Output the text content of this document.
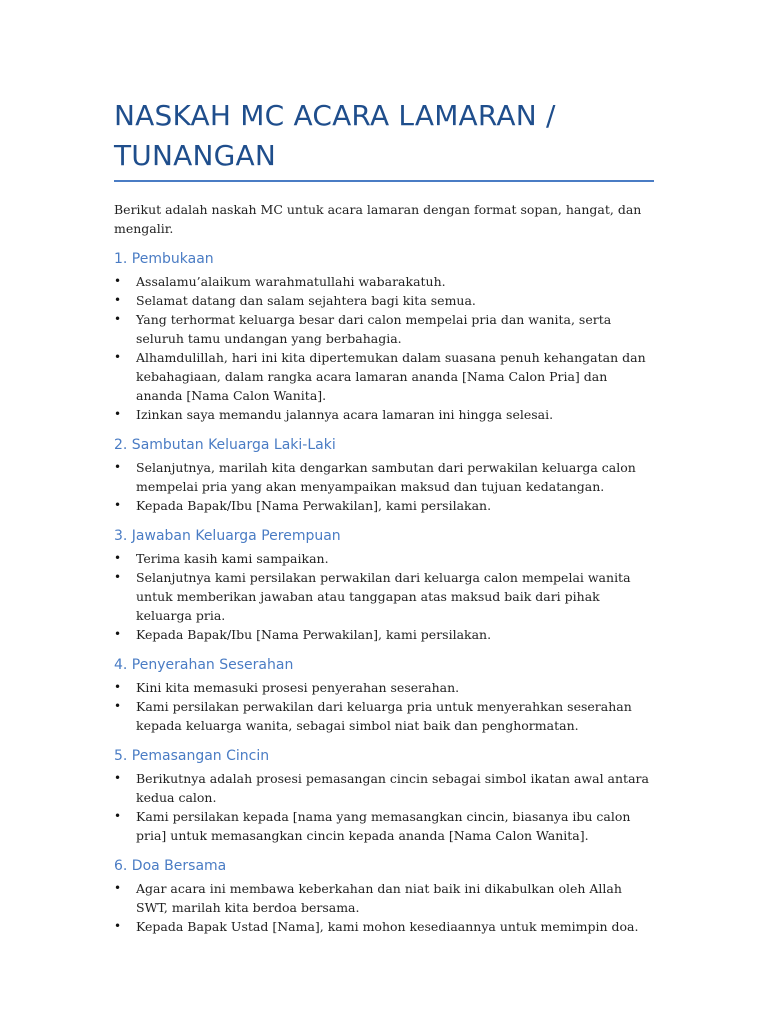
NASKAH MC ACARA LAMARAN / TUNANGAN

Berikut adalah naskah MC untuk acara lamaran dengan format sopan, hangat, dan mengalir.

1. Pembukaan
• Assalamu’alaikum warahmatullahi wabarakatuh.
• Selamat datang dan salam sejahtera bagi kita semua.
• Yang terhormat keluarga besar dari calon mempelai pria dan wanita, serta seluruh tamu undangan yang berbahagia.
• Alhamdulillah, hari ini kita dipertemukan dalam suasana penuh kehangatan dan kebahagiaan, dalam rangka acara lamaran ananda [Nama Calon Pria] dan ananda [Nama Calon Wanita].
• Izinkan saya memandu jalannya acara lamaran ini hingga selesai.
2. Sambutan Keluarga Laki-Laki
• Selanjutnya, marilah kita dengarkan sambutan dari perwakilan keluarga calon mempelai pria yang akan menyampaikan maksud dan tujuan kedatangan.
• Kepada Bapak/Ibu [Nama Perwakilan], kami persilakan.
3. Jawaban Keluarga Perempuan
• Terima kasih kami sampaikan.
• Selanjutnya kami persilakan perwakilan dari keluarga calon mempelai wanita untuk memberikan jawaban atau tanggapan atas maksud baik dari pihak keluarga pria.
• Kepada Bapak/Ibu [Nama Perwakilan], kami persilakan.
4. Penyerahan Seserahan
• Kini kita memasuki prosesi penyerahan seserahan.
• Kami persilakan perwakilan dari keluarga pria untuk menyerahkan seserahan kepada keluarga wanita, sebagai simbol niat baik dan penghormatan.
5. Pemasangan Cincin
• Berikutnya adalah prosesi pemasangan cincin sebagai simbol ikatan awal antara kedua calon.
• Kami persilakan kepada [nama yang memasangkan cincin, biasanya ibu calon pria] untuk memasangkan cincin kepada ananda [Nama Calon Wanita].
6. Doa Bersama
• Agar acara ini membawa keberkahan dan niat baik ini dikabulkan oleh Allah SWT, marilah kita berdoa bersama.
• Kepada Bapak Ustad [Nama], kami mohon kesediaannya untuk memimpin doa.
